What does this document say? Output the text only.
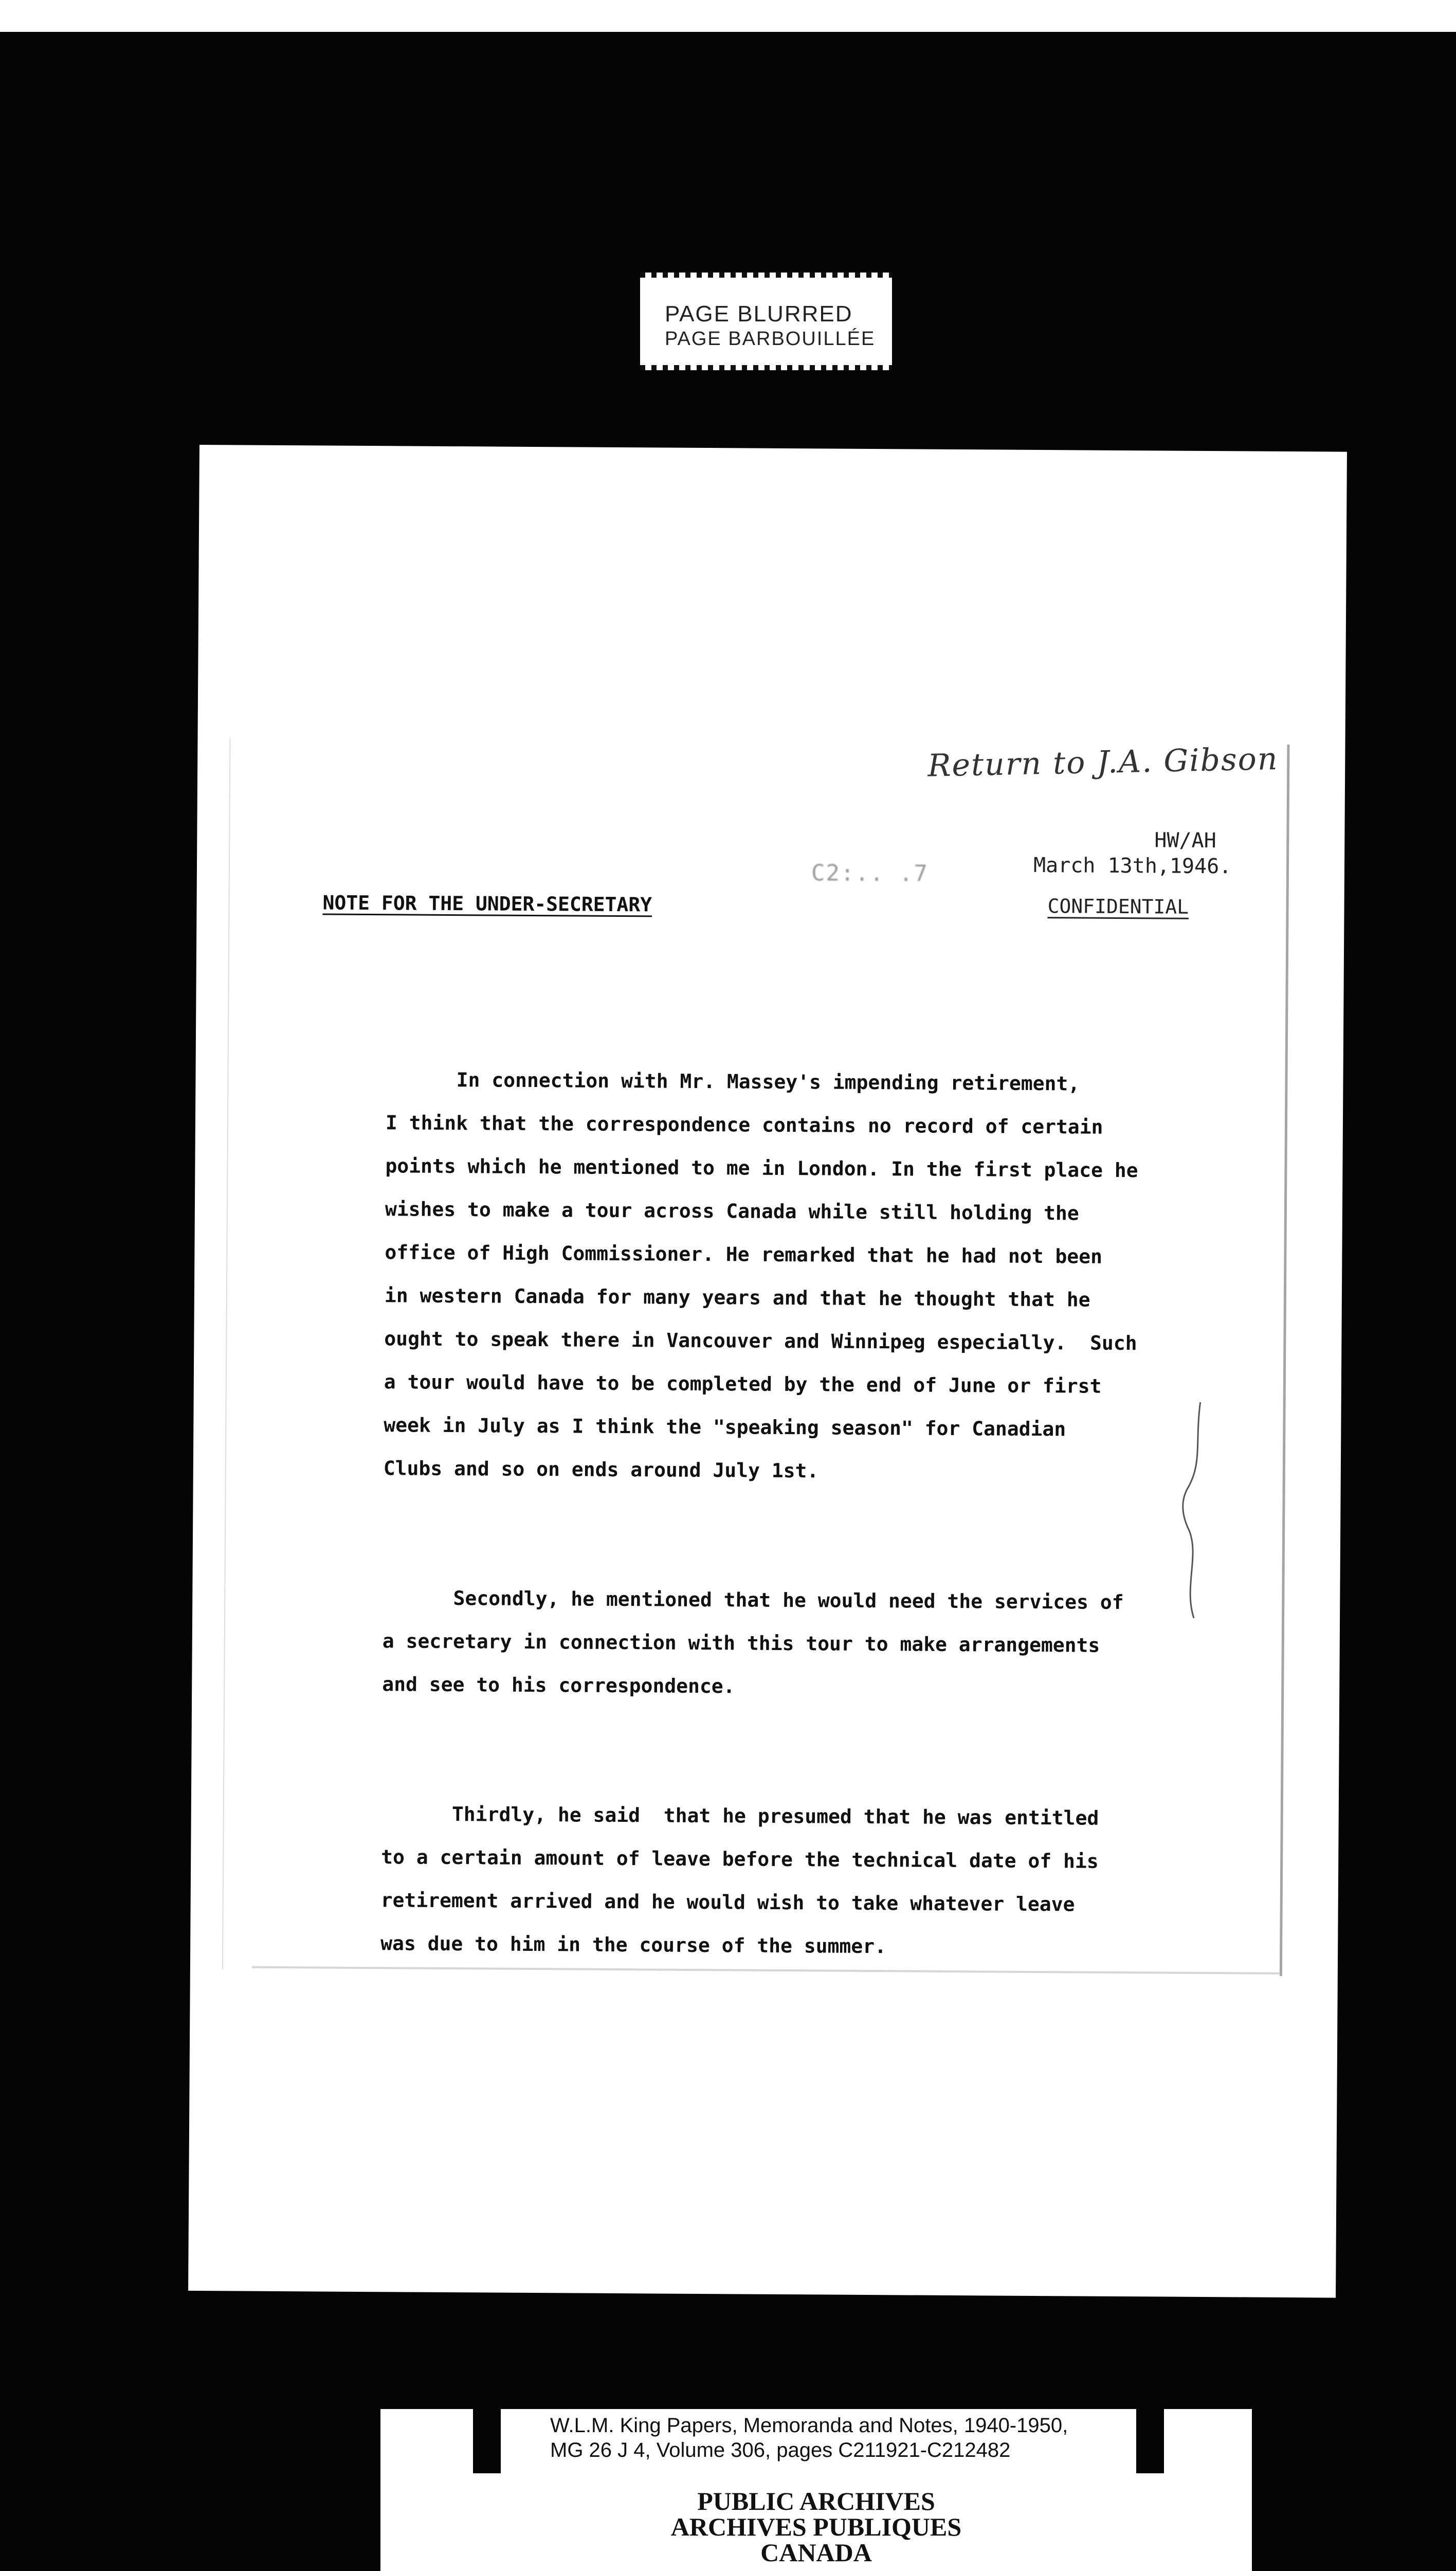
PAGE BLURRED
PAGE BARBOUILLÉE
Return to J.A. Gibson
HW/AH
March 13th,1946.
C2:.. .7
NOTE FOR THE UNDER-SECRETARY	CONFIDENTIAL

In connection with Mr. Massey's impending retirement,
I think that the correspondence contains no record of certain
points which he mentioned to me in London. In the first place he
wishes to make a tour across Canada while still holding the
office of High Commissioner. He remarked that he had not been
in western Canada for many years and that he thought that he
ought to speak there in Vancouver and Winnipeg especially.  Such
a tour would have to be completed by the end of June or first
week in July as I think the "speaking season" for Canadian
Clubs and so on ends around July 1st.

Secondly, he mentioned that he would need the services of
a secretary in connection with this tour to make arrangements
and see to his correspondence.

Thirdly, he said  that he presumed that he was entitled
to a certain amount of leave before the technical date of his
retirement arrived and he would wish to take whatever leave
was due to him in the course of the summer.

W.L.M. King Papers, Memoranda and Notes, 1940-1950,
MG 26 J 4, Volume 306, pages C211921-C212482
PUBLIC ARCHIVES
ARCHIVES PUBLIQUES
CANADA
